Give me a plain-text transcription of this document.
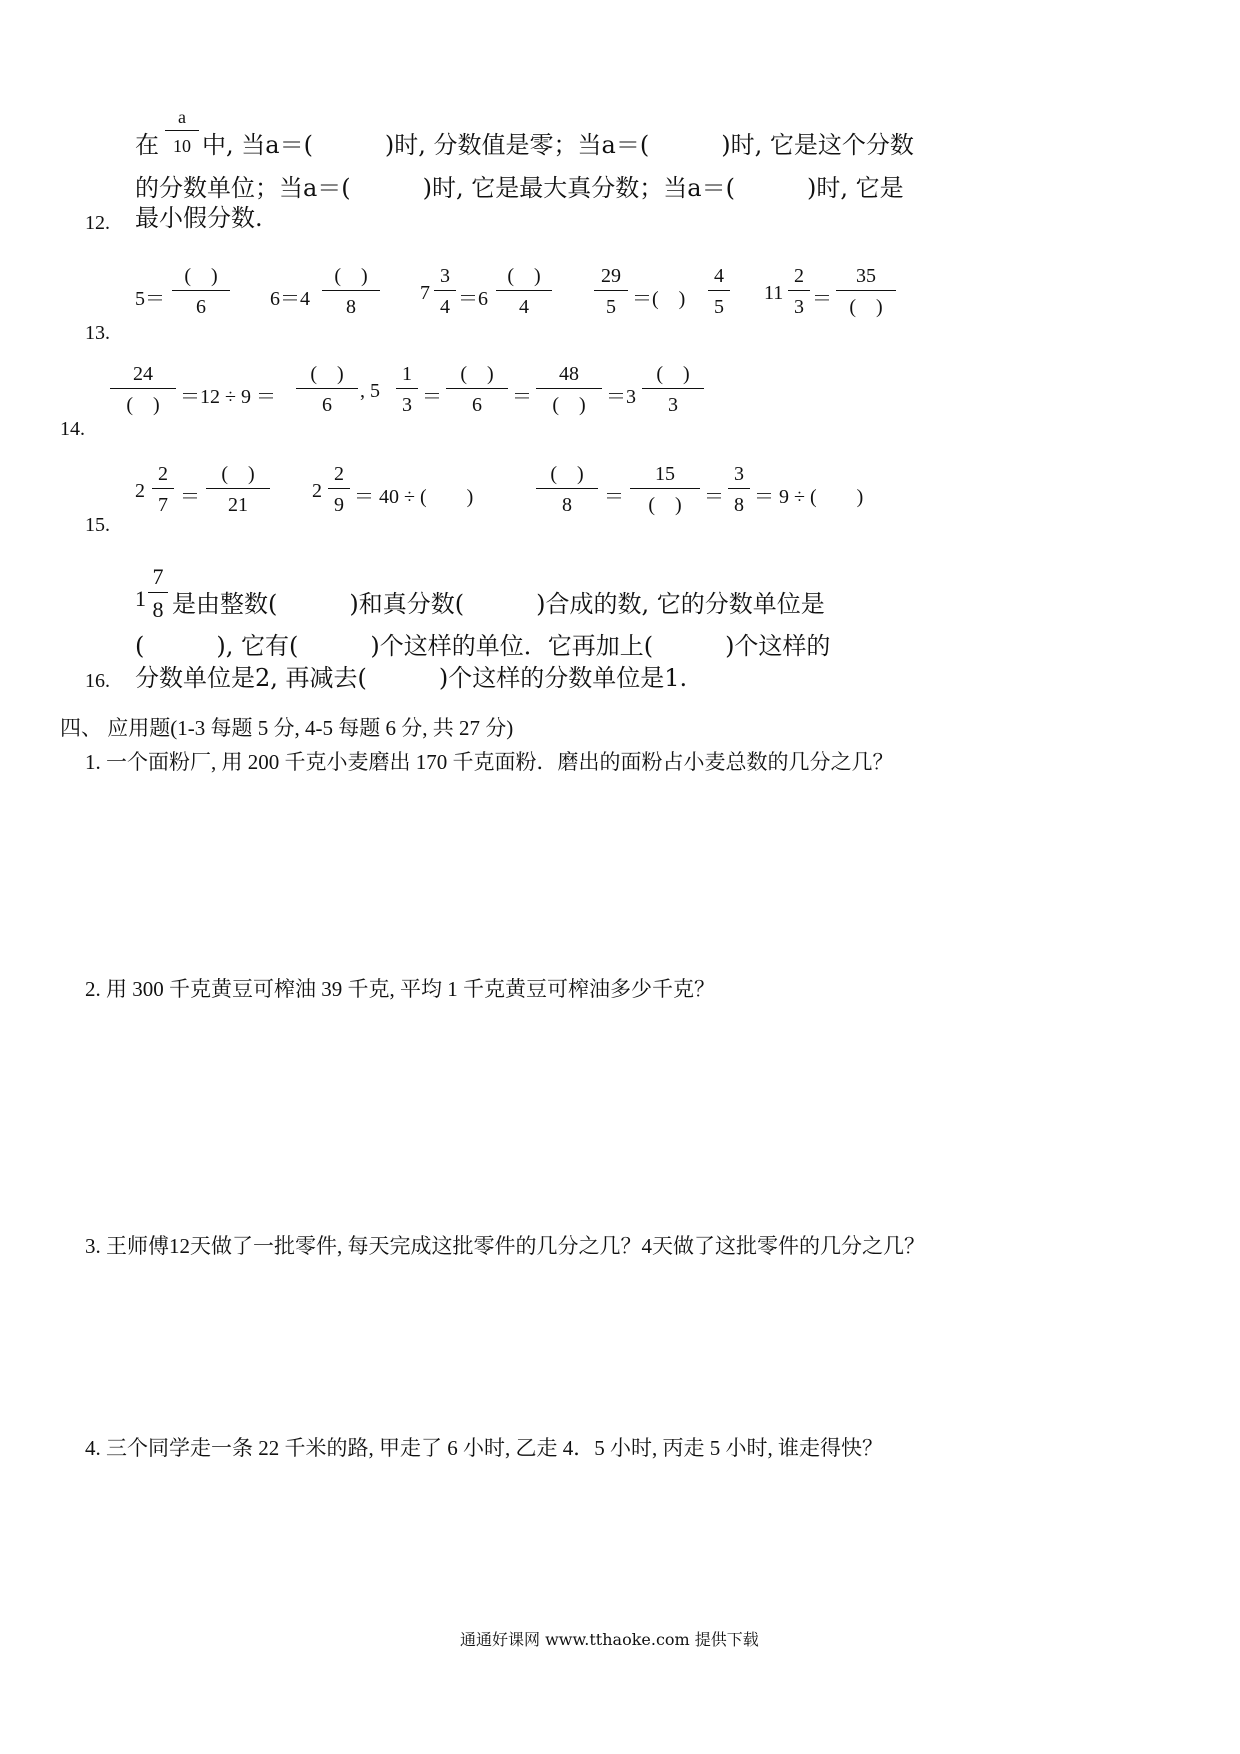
在
a
10 中, 当a＝(　　　)时, 分数值是零；当a＝(　　　)时, 它是这个分数
的分数单位；当a＝(　　　)时, 它是最大真分数；当a＝(　　　)时, 它是
最小假分数.
12.
5＝
(　)
6	6＝4
(　)
8
7
3
4 ＝6
(　)
4
29
5 ＝(　)
4
5
11
2
3 ＝
35
(　)
13.
24
(　)	＝12 ÷ 9 ＝
(　)
6
, 5
1
3 ＝
(　)
6	＝
48
(　)	＝3
(　)
3
14.
2
2
7 ＝
(　)
21
2
2
9 ＝ 40 ÷ (　　)
(　)
8	＝
15
(　)	＝
3
8 ＝ 9 ÷ (　　)
15.
1
7
8 是由整数(　　　)和真分数(　　　)合成的数, 它的分数单位是
(　　　), 它有(　　　)个这样的单位．它再加上(　　　)个这样的
分数单位是2, 再减去(　　　)个这样的分数单位是1.
16.
四、 应用题(1-3 每题 5 分, 4-5 每题 6 分, 共 27 分)
1. 一个面粉厂, 用 200 千克小麦磨出 170 千克面粉．磨出的面粉占小麦总数的几分之几？
2. 用 300 千克黄豆可榨油 39 千克, 平均 1 千克黄豆可榨油多少千克？
3. 王师傅12天做了一批零件, 每天完成这批零件的几分之几？4天做了这批零件的几分之几？
4. 三个同学走一条 22 千米的路, 甲走了 6 小时, 乙走 4．5 小时, 丙走 5 小时, 谁走得快？
通通好课网 www.tthaoke.com 提供下载
